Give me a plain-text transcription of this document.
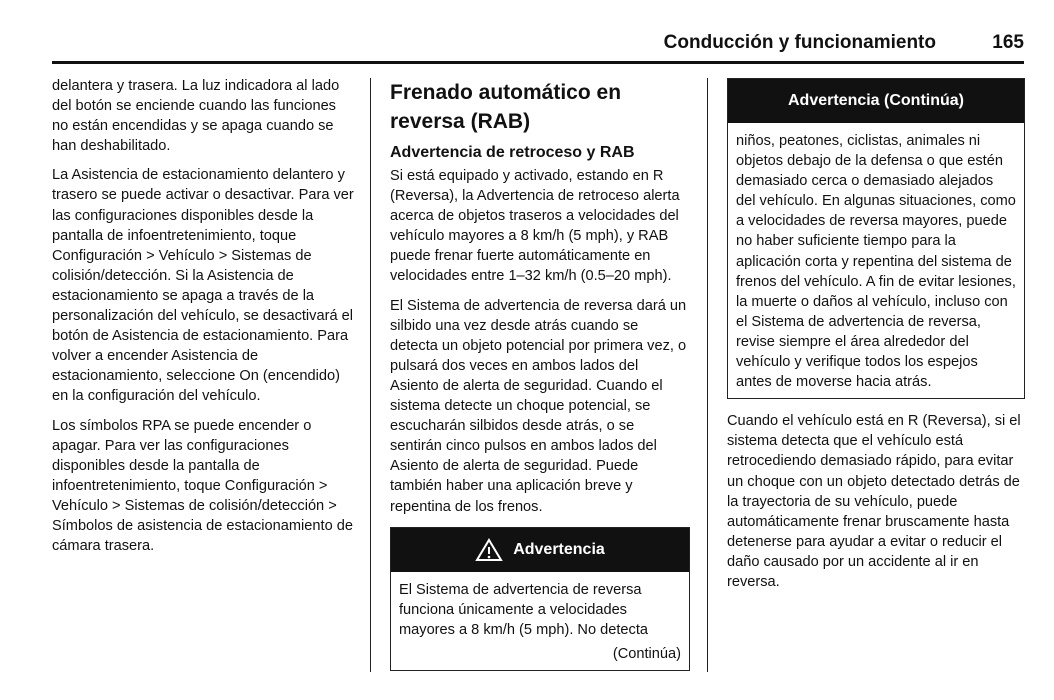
Conducción y funcionamiento	165

delantera y trasera. La luz indicadora al lado del botón se enciende cuando las funciones no están encendidas y se apaga cuando se han deshabilitado.

La Asistencia de estacionamiento delantero y trasero se puede activar o desactivar. Para ver las configuraciones disponibles desde la pantalla de infoentretenimiento, toque Configuración > Vehículo > Sistemas de colisión/detección. Si la Asistencia de estacionamiento se apaga a través de la personalización del vehículo, se desactivará el botón de Asistencia de estacionamiento. Para volver a encender Asistencia de estacionamiento, seleccione On (encendido) en la configuración del vehículo.

Los símbolos RPA se puede encender o apagar. Para ver las configuraciones disponibles desde la pantalla de infoentretenimiento, toque Configuración > Vehículo > Sistemas de colisión/detección > Símbolos de asistencia de estacionamiento de cámara trasera.

Frenado automático en reversa (RAB)
Advertencia de retroceso y RAB

Si está equipado y activado, estando en R (Reversa), la Advertencia de retroceso alerta acerca de objetos traseros a velocidades del vehículo mayores a 8 km/h (5 mph), y RAB puede frenar fuerte automáticamente en velocidades entre 1–32 km/h (0.5–20 mph).

El Sistema de advertencia de reversa dará un silbido una vez desde atrás cuando se detecta un objeto potencial por primera vez, o pulsará dos veces en ambos lados del Asiento de alerta de seguridad. Cuando el sistema detecte un choque potencial, se escucharán silbidos desde atrás, o se sentirán cinco pulsos en ambos lados del Asiento de alerta de seguridad. Puede también haber una aplicación breve y repentina de los frenos.

Advertencia
El Sistema de advertencia de reversa funciona únicamente a velocidades mayores a 8 km/h (5 mph). No detecta
(Continúa)
Advertencia (Continúa)
niños, peatones, ciclistas, animales ni objetos debajo de la defensa o que estén demasiado cerca o demasiado alejados del vehículo. En algunas situaciones, como a velocidades de reversa mayores, puede no haber suficiente tiempo para la aplicación corta y repentina del sistema de frenos del vehículo. A fin de evitar lesiones, la muerte o daños al vehículo, incluso con el Sistema de advertencia de reversa, revise siempre el área alrededor del vehículo y verifique todos los espejos antes de moverse hacia atrás.

Cuando el vehículo está en R (Reversa), si el sistema detecta que el vehículo está retrocediendo demasiado rápido, para evitar un choque con un objeto detectado detrás de la trayectoria de su vehículo, puede automáticamente frenar bruscamente hasta detenerse para ayudar a evitar o reducir el daño causado por un accidente al ir en reversa.
